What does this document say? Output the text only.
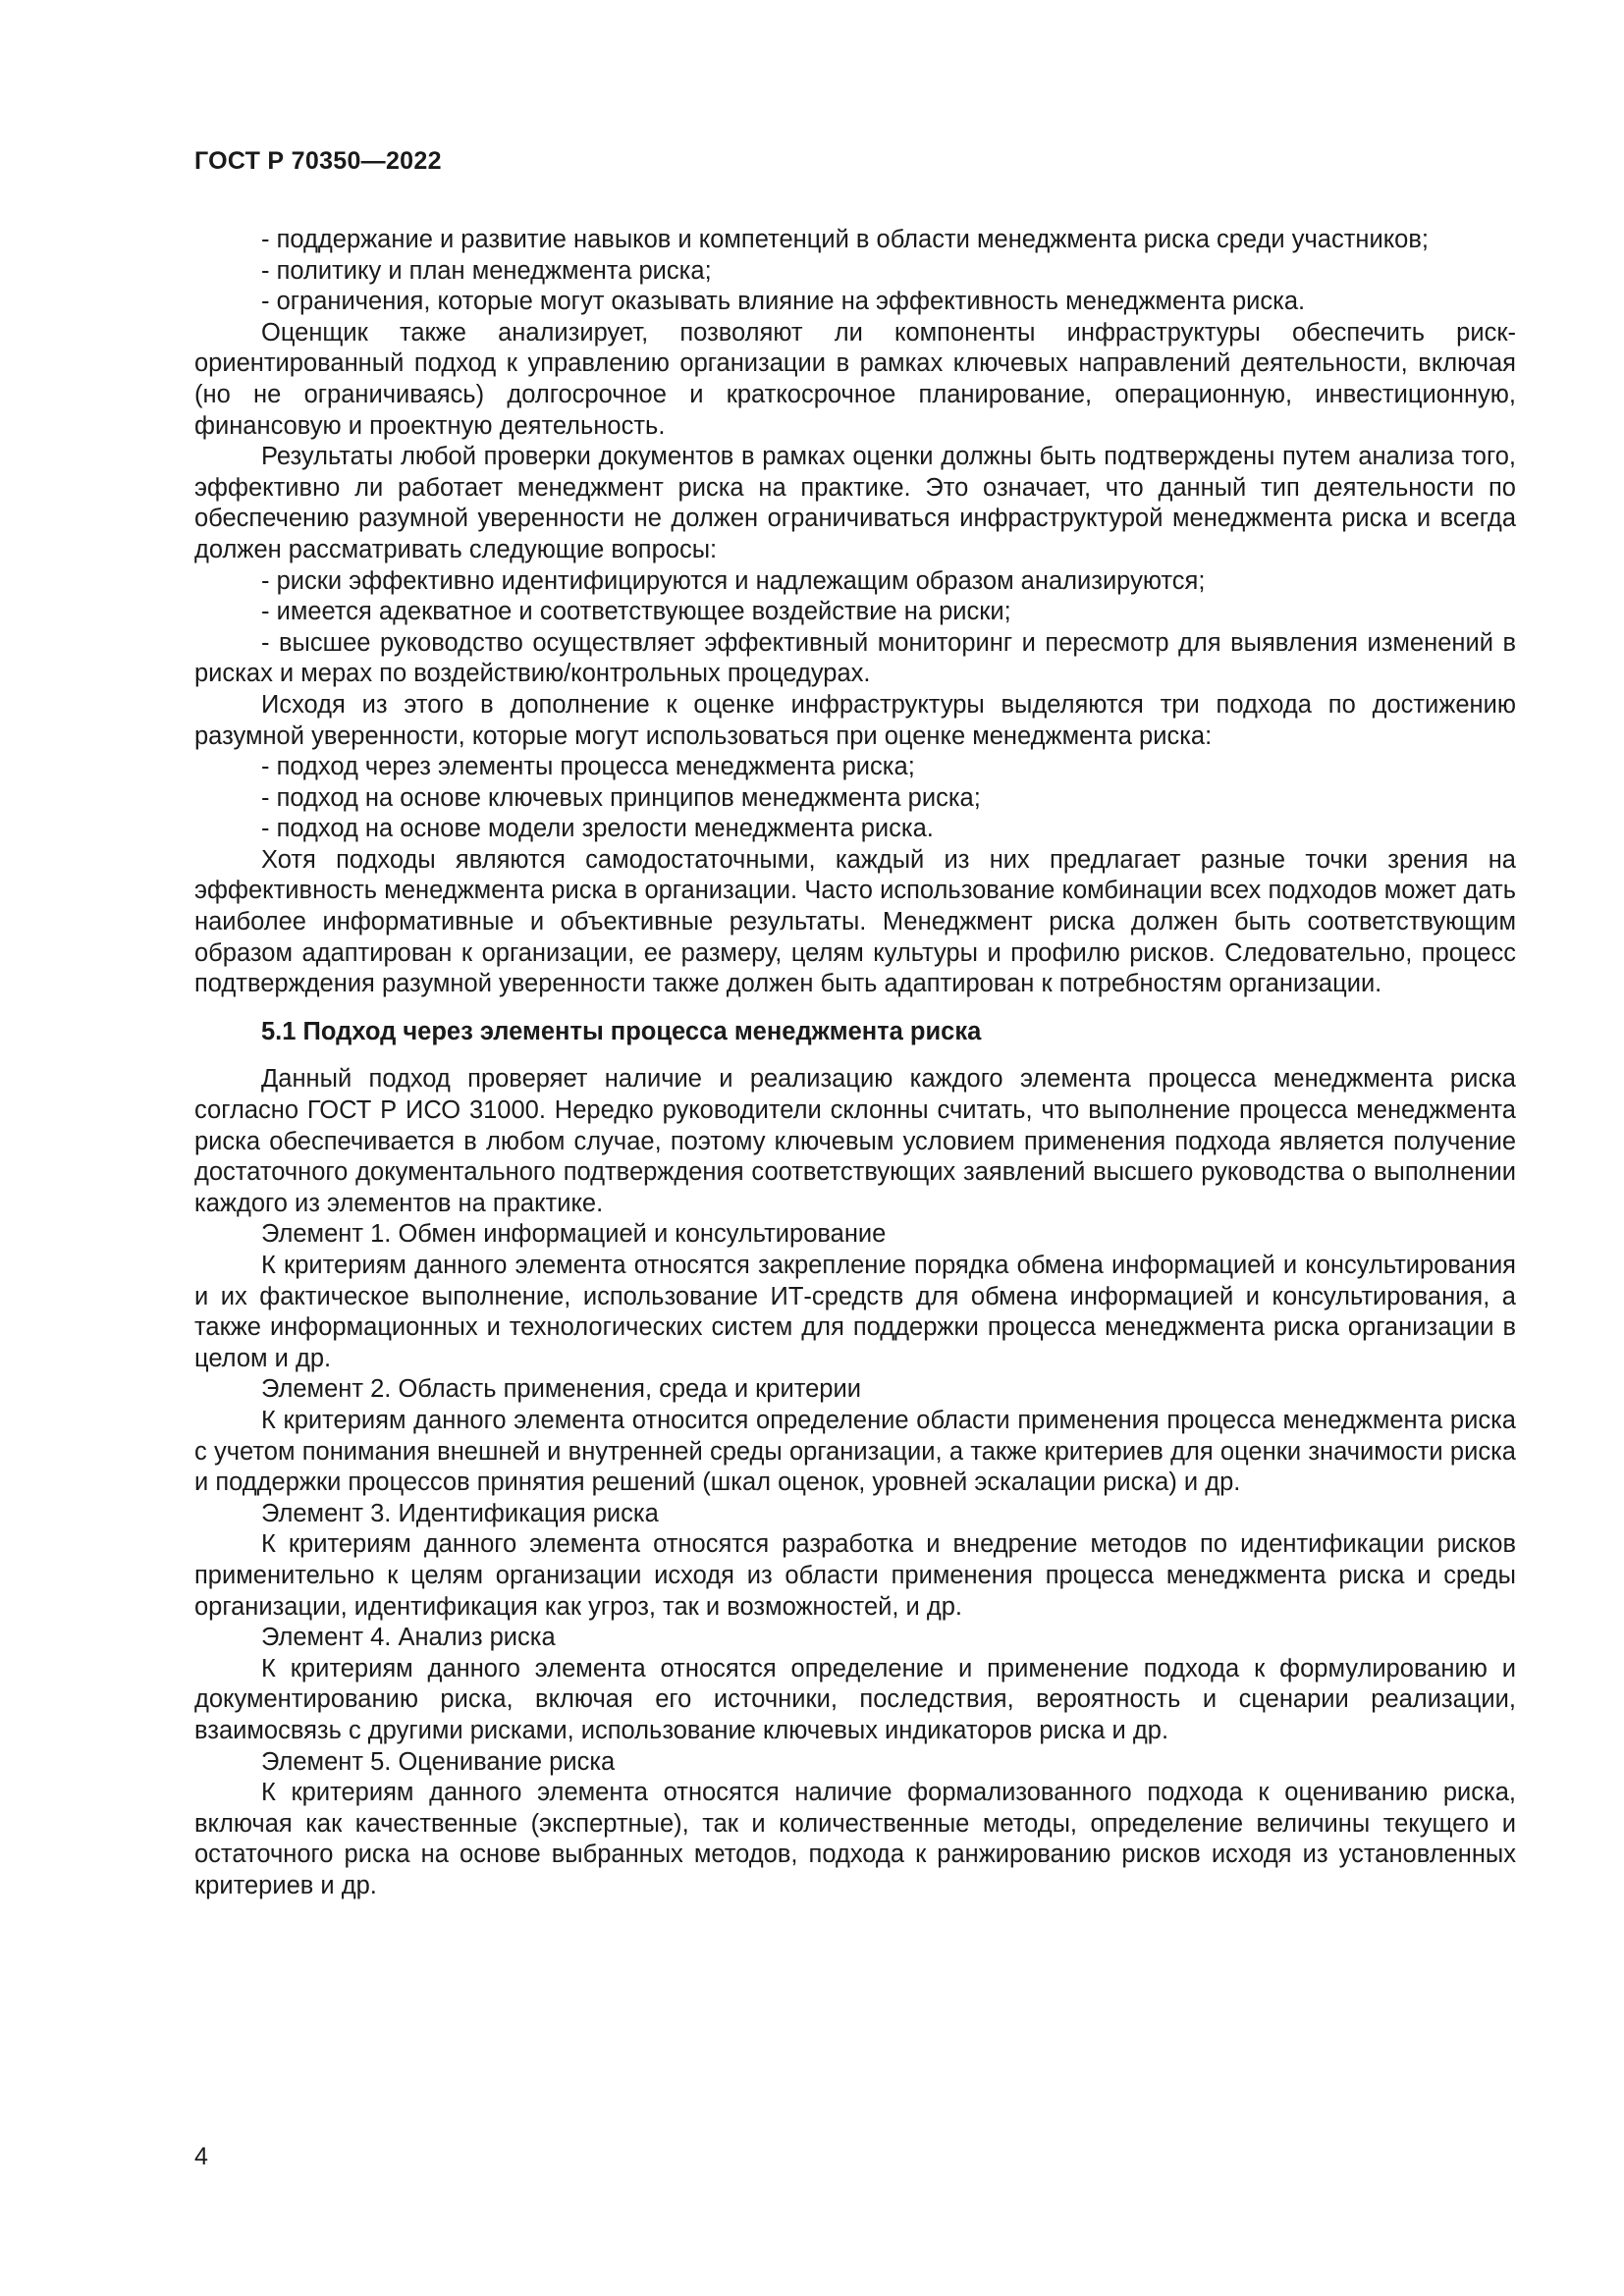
ГОСТ Р 70350—2022

- поддержание и развитие навыков и компетенций в области менеджмента риска среди участников;

- политику и план менеджмента риска;

- ограничения, которые могут оказывать влияние на эффективность менеджмента риска.

Оценщик также анализирует, позволяют ли компоненты инфраструктуры обеспечить риск-ориентированный подход к управлению организации в рамках ключевых направлений деятельности, включая (но не ограничиваясь) долгосрочное и краткосрочное планирование, операционную, инвестиционную, финансовую и проектную деятельность.

Результаты любой проверки документов в рамках оценки должны быть подтверждены путем анализа того, эффективно ли работает менеджмент риска на практике. Это означает, что данный тип деятельности по обеспечению разумной уверенности не должен ограничиваться инфраструктурой менеджмента риска и всегда должен рассматривать следующие вопросы:

- риски эффективно идентифицируются и надлежащим образом анализируются;

- имеется адекватное и соответствующее воздействие на риски;

- высшее руководство осуществляет эффективный мониторинг и пересмотр для выявления изменений в рисках и мерах по воздействию/контрольных процедурах.

Исходя из этого в дополнение к оценке инфраструктуры выделяются три подхода по достижению разумной уверенности, которые могут использоваться при оценке менеджмента риска:

- подход через элементы процесса менеджмента риска;

- подход на основе ключевых принципов менеджмента риска;

- подход на основе модели зрелости менеджмента риска.

Хотя подходы являются самодостаточными, каждый из них предлагает разные точки зрения на эффективность менеджмента риска в организации. Часто использование комбинации всех подходов может дать наиболее информативные и объективные результаты. Менеджмент риска должен быть соответствующим образом адаптирован к организации, ее размеру, целям культуры и профилю рисков. Следовательно, процесс подтверждения разумной уверенности также должен быть адаптирован к потребностям организации.

5.1 Подход через элементы процесса менеджмента риска

Данный подход проверяет наличие и реализацию каждого элемента процесса менеджмента риска согласно ГОСТ Р ИСО 31000. Нередко руководители склонны считать, что выполнение процесса менеджмента риска обеспечивается в любом случае, поэтому ключевым условием применения подхода является получение достаточного документального подтверждения соответствующих заявлений высшего руководства о выполнении каждого из элементов на практике.

Элемент 1. Обмен информацией и консультирование

К критериям данного элемента относятся закрепление порядка обмена информацией и консультирования и их фактическое выполнение, использование ИТ-средств для обмена информацией и консультирования, а также информационных и технологических систем для поддержки процесса менеджмента риска организации в целом и др.

Элемент 2. Область применения, среда и критерии

К критериям данного элемента относится определение области применения процесса менеджмента риска с учетом понимания внешней и внутренней среды организации, а также критериев для оценки значимости риска и поддержки процессов принятия решений (шкал оценок, уровней эскалации риска) и др.

Элемент 3. Идентификация риска

К критериям данного элемента относятся разработка и внедрение методов по идентификации рисков применительно к целям организации исходя из области применения процесса менеджмента риска и среды организации, идентификация как угроз, так и возможностей, и др.

Элемент 4. Анализ риска

К критериям данного элемента относятся определение и применение подхода к формулированию и документированию риска, включая его источники, последствия, вероятность и сценарии реализации, взаимосвязь с другими рисками, использование ключевых индикаторов риска и др.

Элемент 5. Оценивание риска

К критериям данного элемента относятся наличие формализованного подхода к оцениванию риска, включая как качественные (экспертные), так и количественные методы, определение величины текущего и остаточного риска на основе выбранных методов, подхода к ранжированию рисков исходя из установленных критериев и др.

4
